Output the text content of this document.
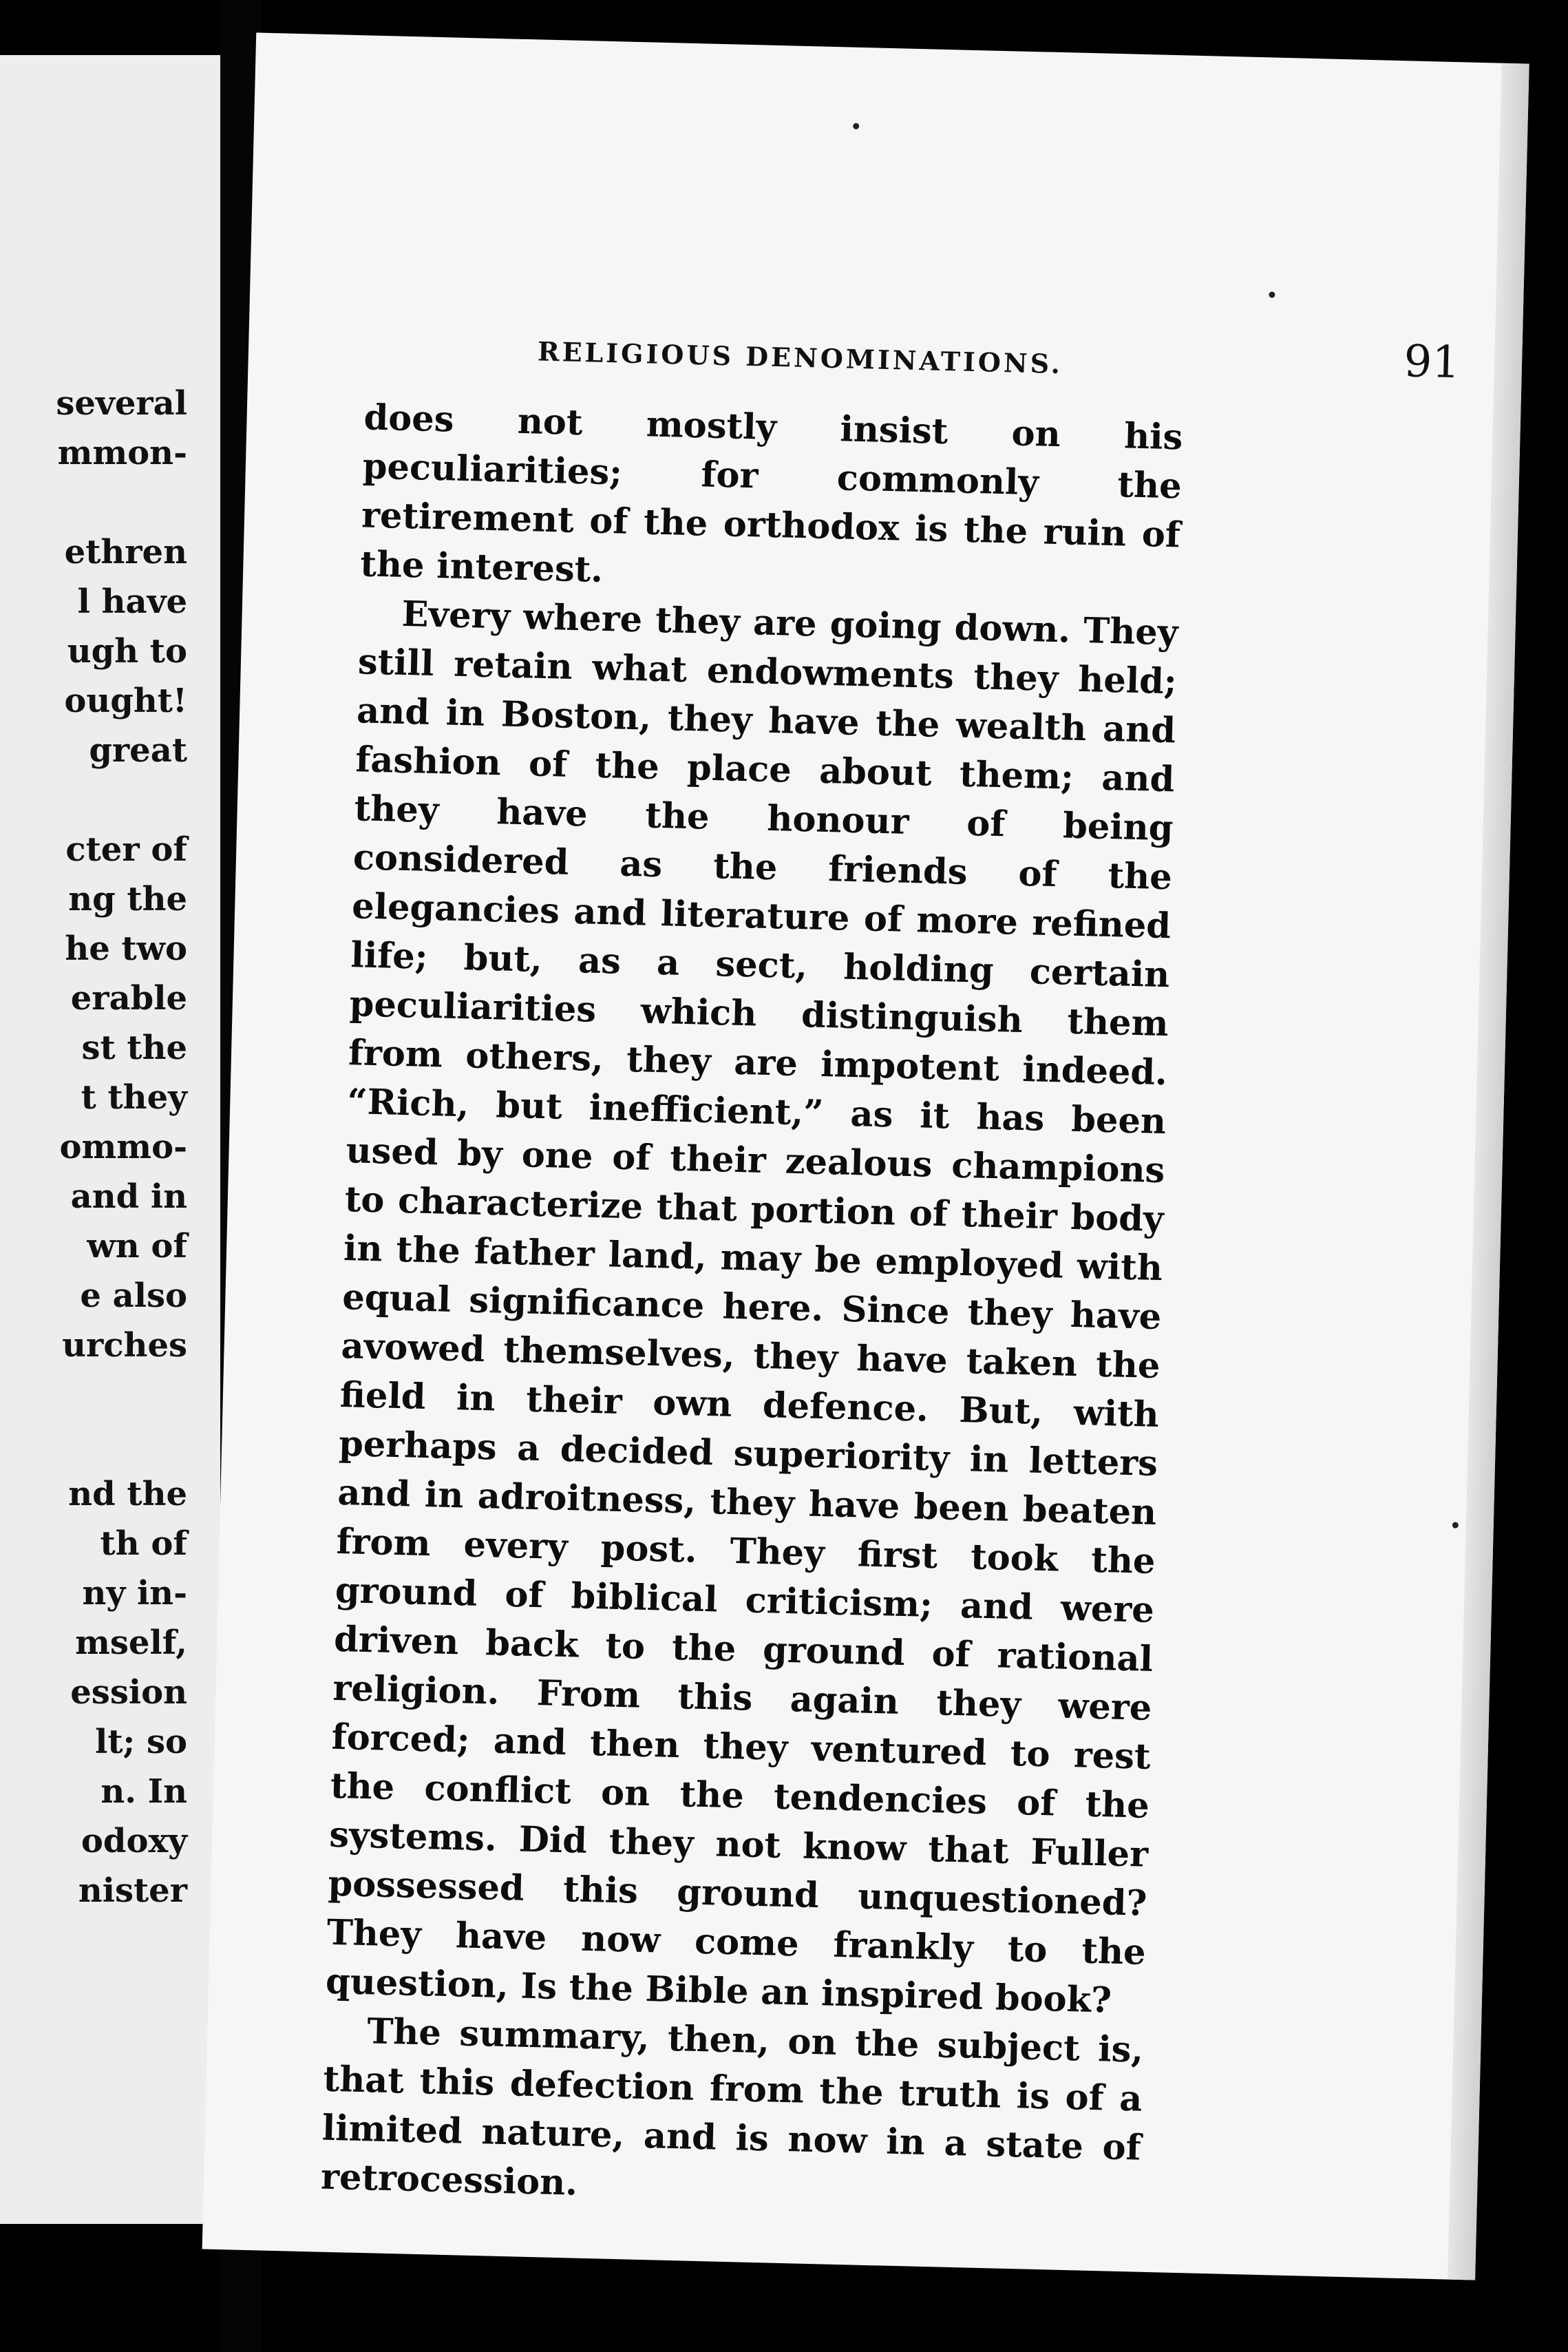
several
mmon-
ethren
l have
ugh to
ought!
great
cter of
ng the
he two
erable
st the
t they
ommo-
and in
wn of
e also
urches
nd the
th of
ny in-
mself,
ession
lt; so
n. In
odoxy
nister
RELIGIOUS DENOMINATIONS.	91

does not mostly insist on his peculiarities; for commonly the retirement of the orthodox is the ruin of the interest.

Every where they are going down. They still retain what endowments they held; and in Boston, they have the wealth and fashion of the place about them; and they have the honour of being considered as the friends of the elegancies and literature of more refined life; but, as a sect, holding certain peculiarities which distinguish them from others, they are impotent indeed. “Rich, but inefficient,” as it has been used by one of their zealous champions to characterize that portion of their body in the father land, may be employed with equal significance here. Since they have avowed themselves, they have taken the field in their own defence. But, with perhaps a decided superiority in letters and in adroitness, they have been beaten from every post. They first took the ground of biblical criticism; and were driven back to the ground of rational religion. From this again they were forced; and then they ventured to rest the conflict on the tendencies of the systems. Did they not know that Fuller possessed this ground unquestioned? They have now come frankly to the question, Is the Bible an inspired book?

The summary, then, on the subject is, that this defection from the truth is of a limited nature, and is now in a state of retrocession.
